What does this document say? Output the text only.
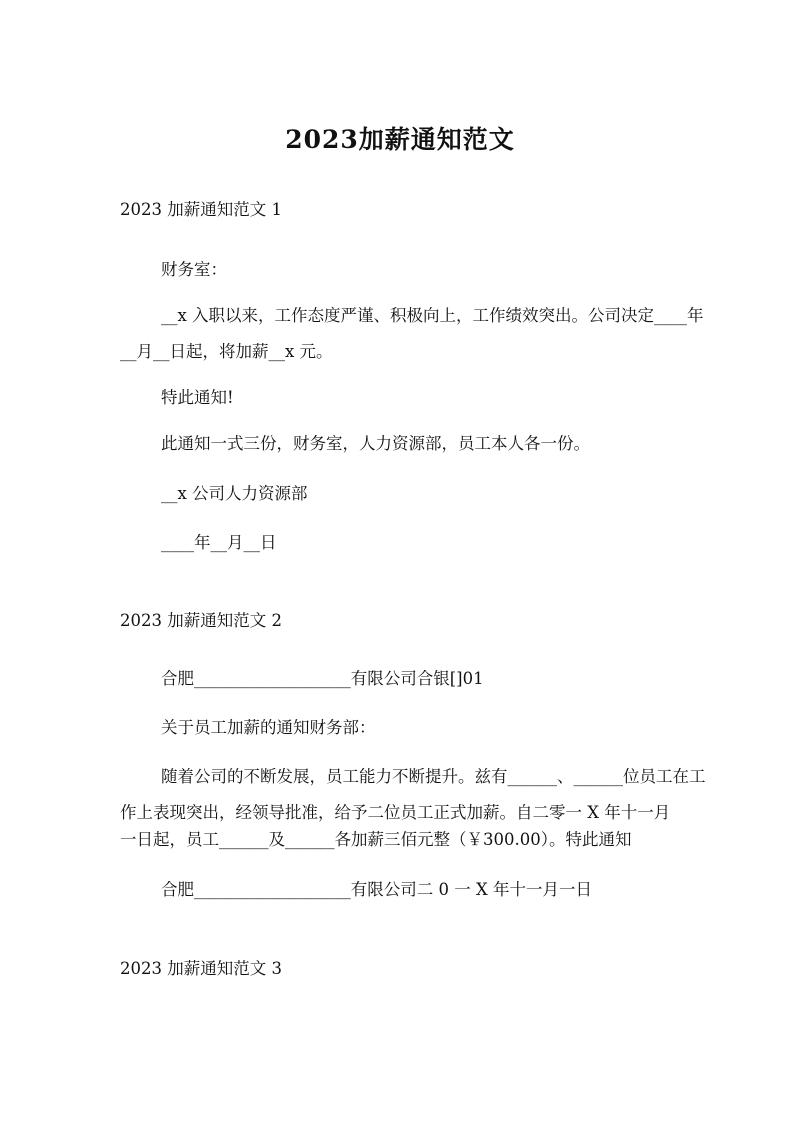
2023加薪通知范文
2023 加薪通知范文 1
财务室：
__x 入职以来，工作态度严谨、积极向上，工作绩效突出。公司决定____年
__月__日起，将加薪__x 元。
特此通知!
此通知一式三份，财务室，人力资源部，员工本人各一份。
__x 公司人力资源部
____年__月__日
2023 加薪通知范文 2
合肥___________________有限公司合银[]01
关于员工加薪的通知财务部：
随着公司的不断发展，员工能力不断提升。兹有______、______位员工在工
作上表现突出，经领导批准，给予二位员工正式加薪。自二零一 X 年十一月
一日起，员工______及______各加薪三佰元整（￥300.00）。特此通知
合肥___________________有限公司二 0 一 X 年十一月一日
2023 加薪通知范文 3
